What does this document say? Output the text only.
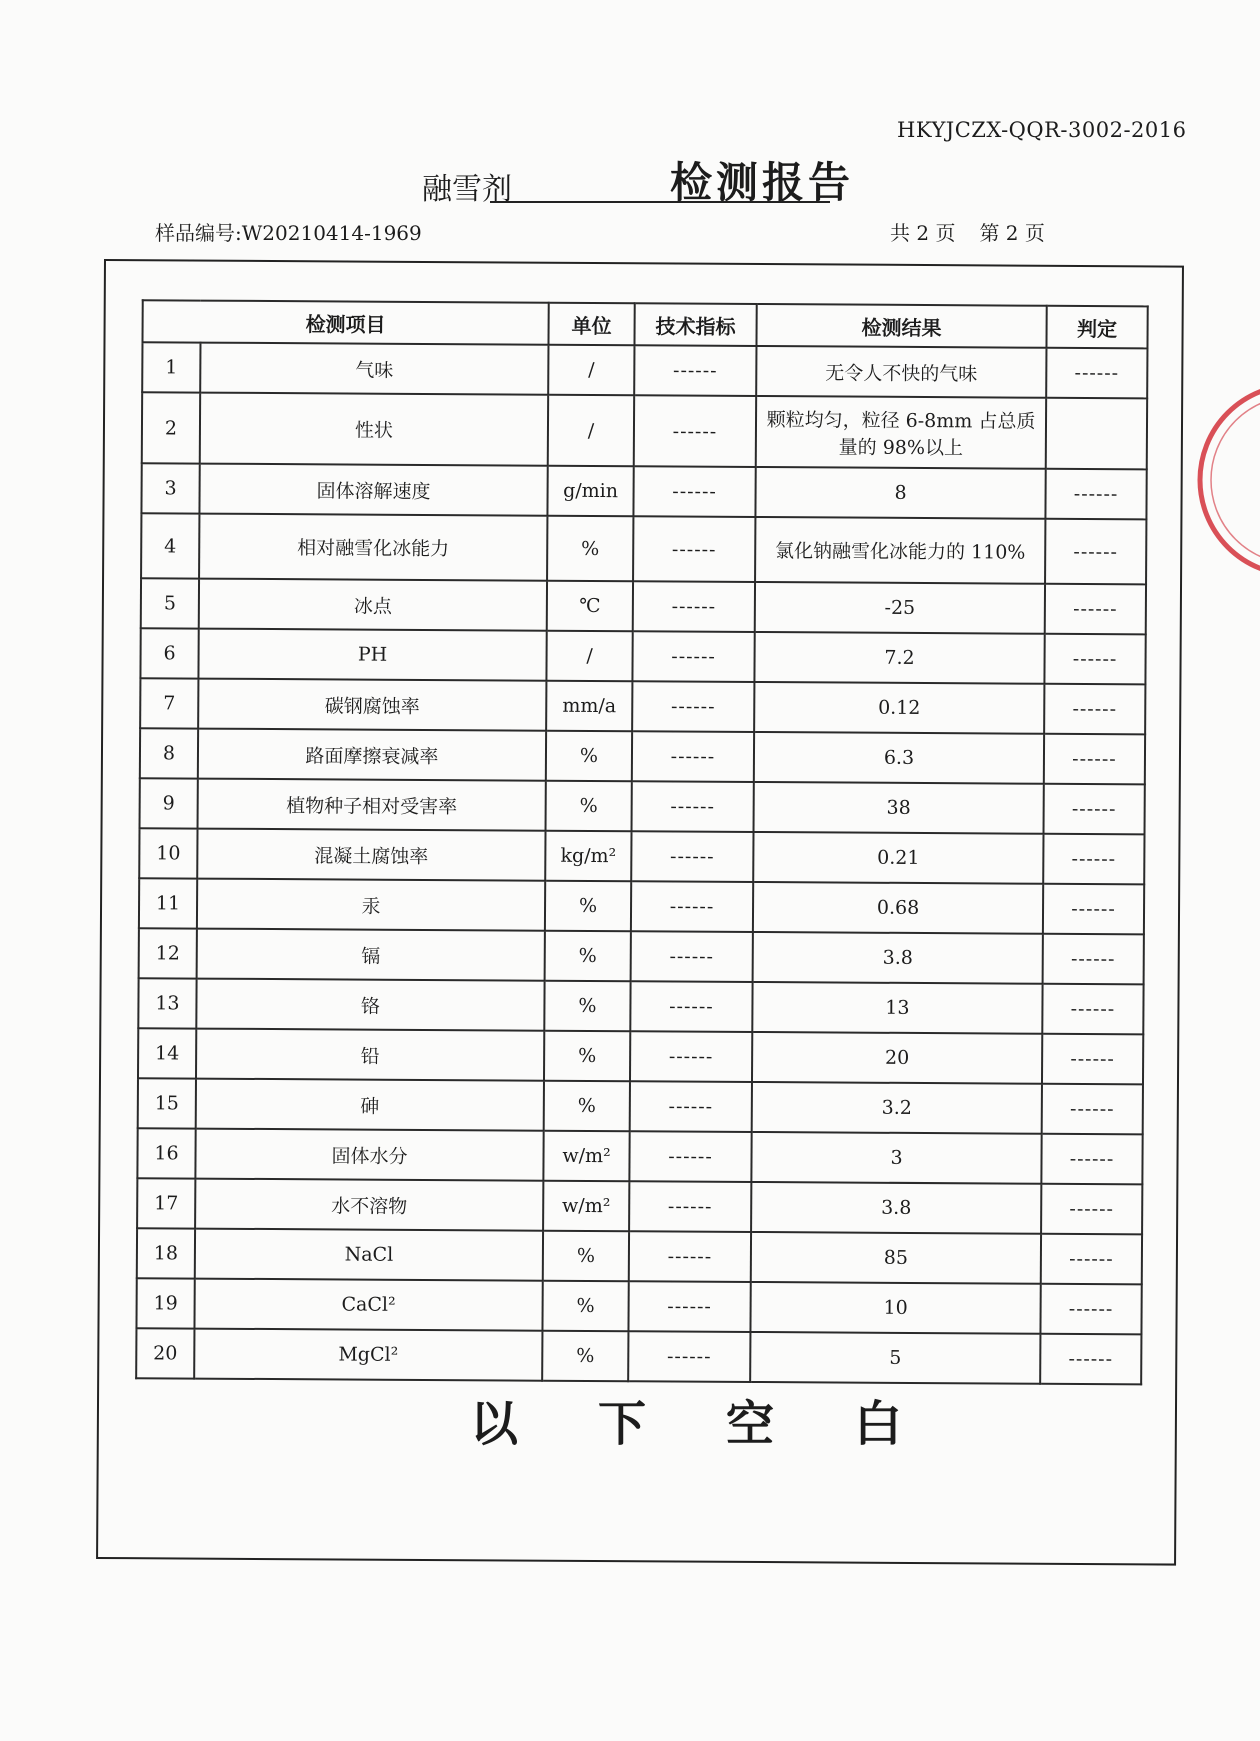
HKYJCZX-QQR-3002-2016
融雪剂	检测报告
样品编号:W20210414-1969	共 2 页 第 2 页
检测项目		单位	技术指标	检测结果	判定
1	气味	/	------	无令人不快的气味	------
2	性状	/	------	颗粒均匀，粒径 6-8mm 占总质量的 98%以上	
3	固体溶解速度	g/min	------	8	------
4	相对融雪化冰能力	%	------	氯化钠融雪化冰能力的 110%	------
5	冰点	℃	------	-25	------
6	PH	/	------	7.2	------
7	碳钢腐蚀率	mm/a	------	0.12	------
8	路面摩擦衰减率	%	------	6.3	------
9	植物种子相对受害率	%	------	38	------
10	混凝土腐蚀率	kg/m²	------	0.21	------
11	汞	%	------	0.68	------
12	镉	%	------	3.8	------
13	铬	%	------	13	------
14	铅	%	------	20	------
15	砷	%	------	3.2	------
16	固体水分	w/m²	------	3	------
17	水不溶物	w/m²	------	3.8	------
18	NaCl	%	------	85	------
19	CaCl²	%	------	10	------
20	MgCl²	%	------	5	------
以下空白
